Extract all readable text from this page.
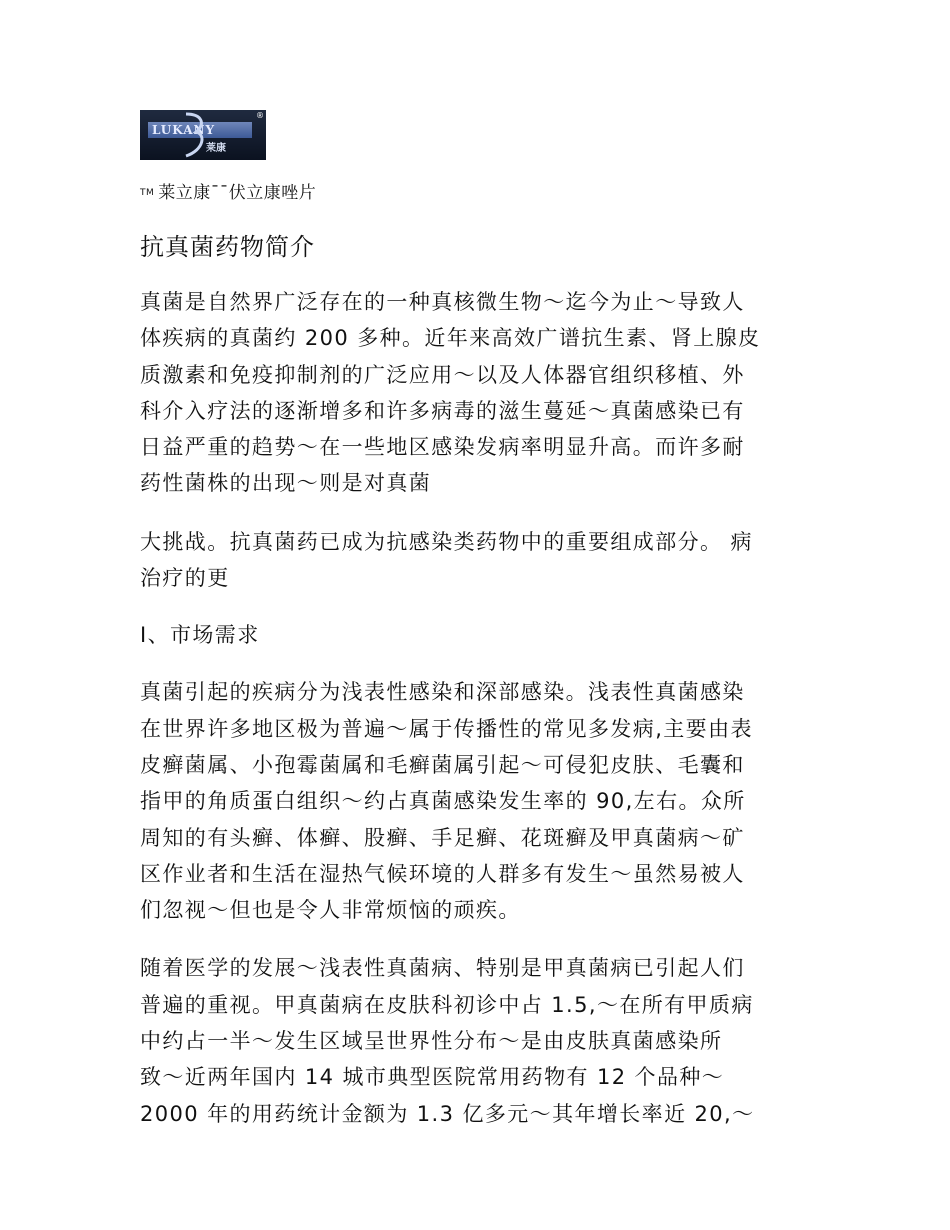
LUKANY
莱康
®
TM 莱立康¯¯伏立康唑片
抗真菌药物简介

真菌是自然界广泛存在的一种真核微生物～迄今为止～导致人
体疾病的真菌约 200 多种。近年来高效广谱抗生素、肾上腺皮
质激素和免疫抑制剂的广泛应用～以及人体器官组织移植、外
科介入疗法的逐渐增多和许多病毒的滋生蔓延～真菌感染已有
日益严重的趋势～在一些地区感染发病率明显升高。而许多耐
药性菌株的出现～则是对真菌

大挑战。抗真菌药已成为抗感染类药物中的重要组成部分。 病
治疗的更

I、市场需求

真菌引起的疾病分为浅表性感染和深部感染。浅表性真菌感染
在世界许多地区极为普遍～属于传播性的常见多发病,主要由表
皮癣菌属、小孢霉菌属和毛癣菌属引起～可侵犯皮肤、毛囊和
指甲的角质蛋白组织～约占真菌感染发生率的 90,左右。众所
周知的有头癣、体癣、股癣、手足癣、花斑癣及甲真菌病～矿
区作业者和生活在湿热气候环境的人群多有发生～虽然易被人
们忽视～但也是令人非常烦恼的顽疾。

随着医学的发展～浅表性真菌病、特别是甲真菌病已引起人们
普遍的重视。甲真菌病在皮肤科初诊中占 1.5,～在所有甲质病
中约占一半～发生区域呈世界性分布～是由皮肤真菌感染所
致～近两年国内 14 城市典型医院常用药物有 12 个品种～
2000 年的用药统计金额为 1.3 亿多元～其年增长率近 20,～
